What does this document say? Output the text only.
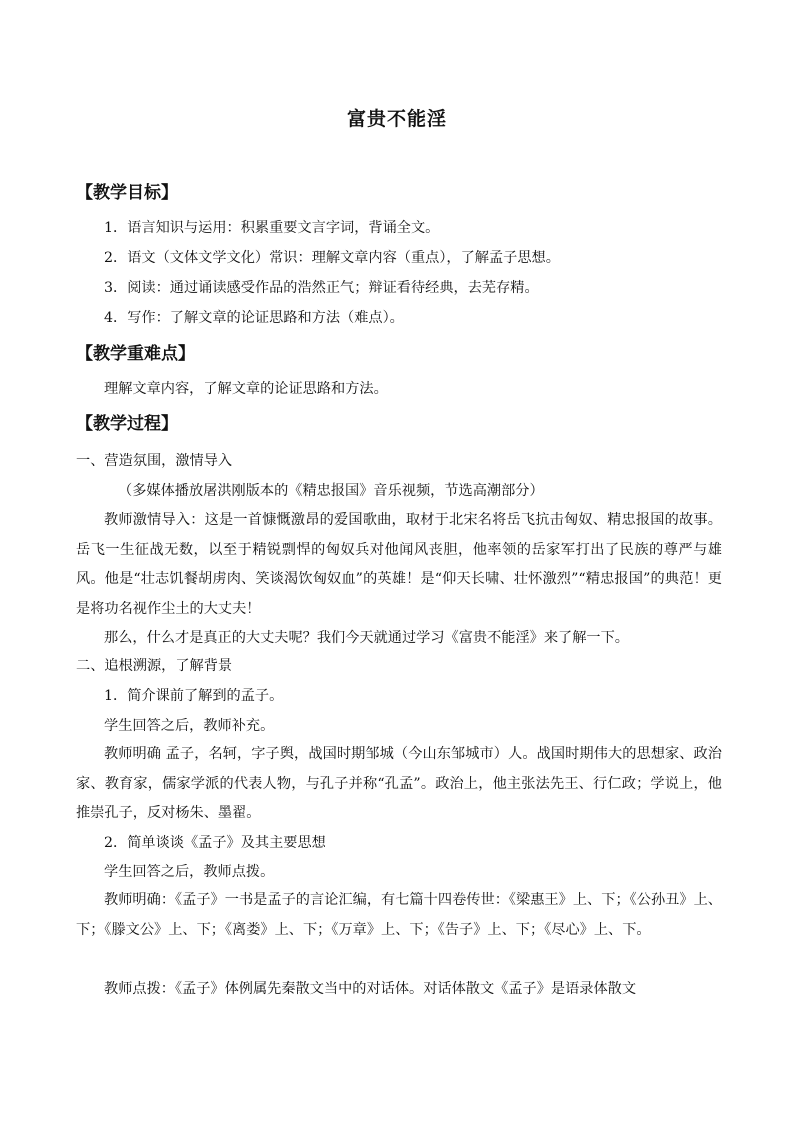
富贵不能淫
【教学目标】
1．语言知识与运用：积累重要文言字词，背诵全文。
2．语文（文体文学文化）常识：理解文章内容（重点），了解孟子思想。
3．阅读：通过诵读感受作品的浩然正气；辩证看待经典，去芜存精。
4．写作：了解文章的论证思路和方法（难点）。
【教学重难点】
理解文章内容，了解文章的论证思路和方法。
【教学过程】
一、营造氛围，激情导入
（多媒体播放屠洪刚版本的《精忠报国》音乐视频，节选高潮部分）
教师激情导入：这是一首慷慨激昂的爱国歌曲，取材于北宋名将岳飞抗击匈奴、精忠报国的故事。岳飞一生征战无数，以至于精锐剽悍的匈奴兵对他闻风丧胆，他率领的岳家军打出了民族的尊严与雄风。他是“壮志饥餐胡虏肉、笑谈渴饮匈奴血”的英雄！是“仰天长啸、壮怀激烈”“精忠报国”的典范！更是将功名视作尘土的大丈夫！
那么，什么才是真正的大丈夫呢？我们今天就通过学习《富贵不能淫》来了解一下。
二、追根溯源，了解背景
1．简介课前了解到的孟子。
学生回答之后，教师补充。
教师明确 孟子，名轲，字子舆，战国时期邹城（今山东邹城市）人。战国时期伟大的思想家、政治家、教育家，儒家学派的代表人物，与孔子并称“孔孟”。政治上，他主张法先王、行仁政；学说上，他推崇孔子，反对杨朱、墨翟。
2．简单谈谈《孟子》及其主要思想
学生回答之后，教师点拨。
教师明确：《孟子》一书是孟子的言论汇编，有七篇十四卷传世：《梁惠王》上、下；《公孙丑》上、下；《滕文公》上、下；《离娄》上、下；《万章》上、下；《告子》上、下；《尽心》上、下。
教师点拨：《孟子》体例属先秦散文当中的对话体。对话体散文《孟子》是语录体散文
